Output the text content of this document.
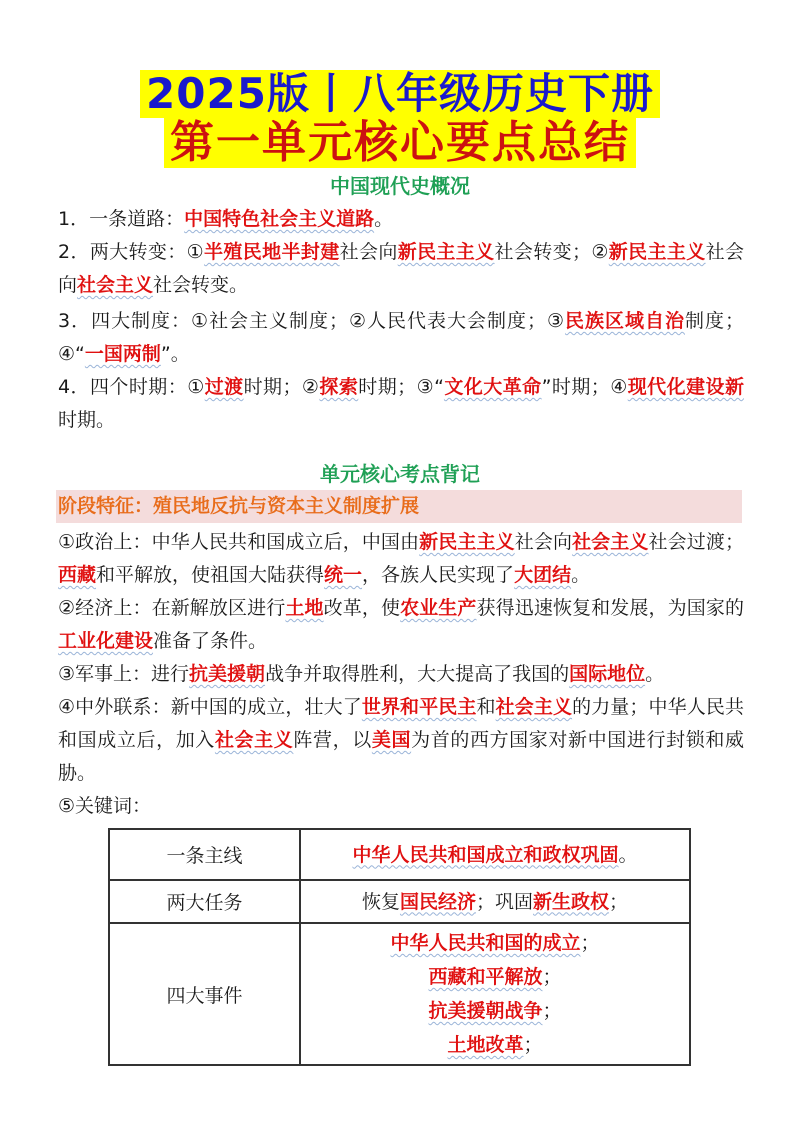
2025版丨八年级历史下册
第一单元核心要点总结
中国现代史概况
1．一条道路：中国特色社会主义道路。
2．两大转变：①半殖民地半封建社会向新民主主义社会转变；②新民主主义社会向社会主义社会转变。
3．四大制度：①社会主义制度；②人民代表大会制度；③民族区域自治制度；④“一国两制”。
4．四个时期：①过渡时期；②探索时期；③“文化大革命”时期；④现代化建设新时期。
单元核心考点背记
阶段特征：殖民地反抗与资本主义制度扩展
①政治上：中华人民共和国成立后，中国由新民主主义社会向社会主义社会过渡；西藏和平解放，使祖国大陆获得统一，各族人民实现了大团结。
②经济上：在新解放区进行土地改革，使农业生产获得迅速恢复和发展，为国家的工业化建设准备了条件。
③军事上：进行抗美援朝战争并取得胜利，大大提高了我国的国际地位。
④中外联系：新中国的成立，壮大了世界和平民主和社会主义的力量；中华人民共和国成立后，加入社会主义阵营，以美国为首的西方国家对新中国进行封锁和威胁。
⑤关键词：
一条主线	中华人民共和国成立和政权巩固。

两大任务	恢复国民经济；巩固新生政权；

四大事件	中华人民共和国的成立；
西藏和平解放；
抗美援朝战争；
土地改革；
